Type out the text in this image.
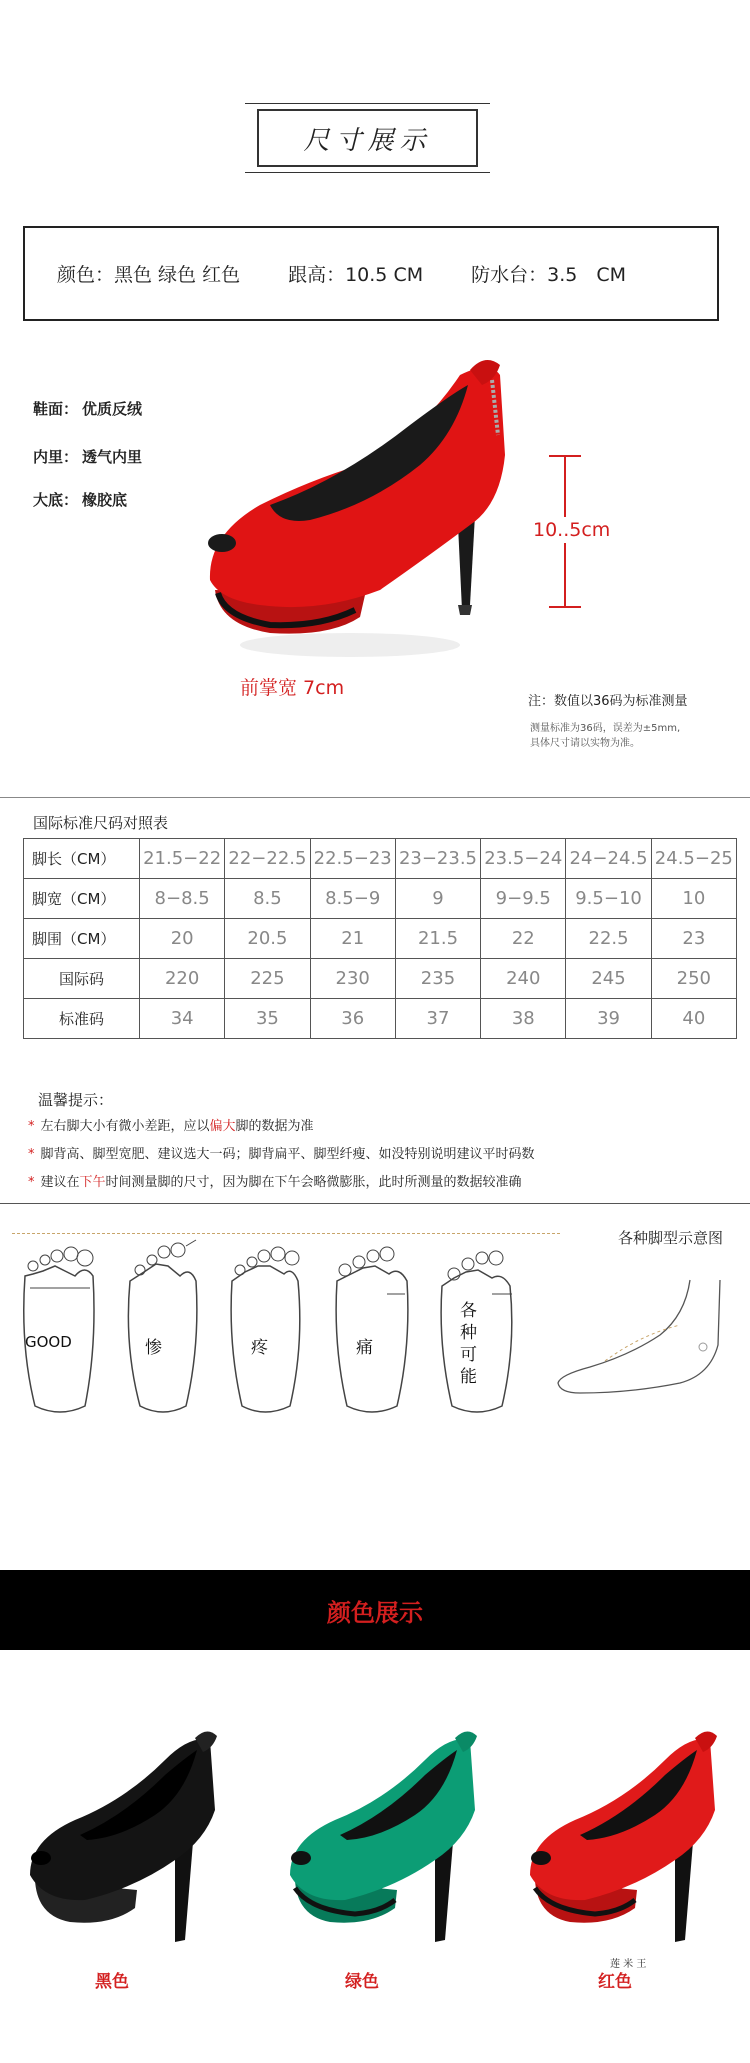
尺寸展示
颜色：黑色 绿色 红色	跟高：10.5 CM	防水台：3.5　CM
鞋面： 优质反绒
内里： 透气内里
大底： 橡胶底
10..5cm
前掌宽 7cm
注：数值以36码为标准测量
测量标准为36码，误差为±5mm,
具体尺寸请以实物为准。
国际标准尺码对照表
脚长（CM）	21.5−22	22−22.5	22.5−23	23−23.5	23.5−24	24−24.5	24.5−25
脚宽（CM）	8−8.5	8.5	8.5−9	9	9−9.5	9.5−10	10
脚围（CM）	20	20.5	21	21.5	22	22.5	23
国际码	220	225	230	235	240	245	250
标准码	34	35	36	37	38	39	40
温馨提示：
* 左右脚大小有微小差距，应以偏大脚的数据为准
* 脚背高、脚型宽肥、建议选大一码；脚背扁平、脚型纤瘦、如没特别说明建议平时码数
* 建议在下午时间测量脚的尺寸，因为脚在下午会略微膨胀，此时所测量的数据较准确
各种脚型示意图
GOOD	惨	疼	痛
各
种
可
能
颜色展示
黑色	绿色	红色
莲 米 王
